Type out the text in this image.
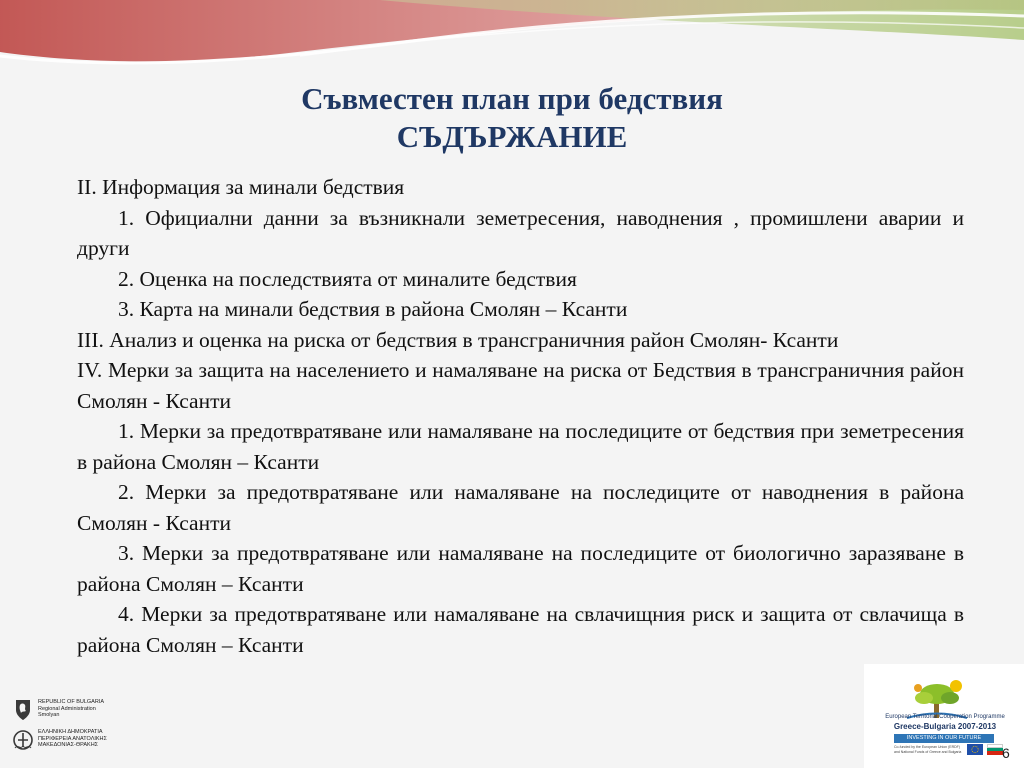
Съвместен план при бедствия
СЪДЪРЖАНИЕ

II. Информация за минали бедствия

1. Официални данни за възникнали земетресения, наводнения , промишлени аварии и други

2. Оценка на последствията от миналите бедствия

3. Карта на минали бедствия в района Смолян – Ксанти

III. Анализ и оценка на риска от бедствия в трансграничния район Смолян- Ксанти

IV. Мерки за защита на населението и намаляване на риска от Бедствия в трансграничния район Смолян - Ксанти

1. Мерки за предотвратяване или намаляване на последиците от бедствия при земетресения в района Смолян – Ксанти

2. Мерки за предотвратяване или намаляване на последиците от наводнения в района Смолян - Ксанти

3. Мерки за предотвратяване или намаляване на последиците от биологично заразяване в района Смолян – Ксанти

4. Мерки за предотвратяване или намаляване на свлачищния риск и защита от свлачища в района Смолян – Ксанти

REPUBLIC OF BULGARIA
Regional Administration
Smolyan
ΕΛΛΗΝΙΚΗ ΔΗΜΟΚΡΑΤΙΑ
ΠΕΡΙΦΕΡΕΙΑ ΑΝΑΤΟΛΙΚΗΣ
ΜΑΚΕΔΟΝΙΑΣ-ΘΡΑΚΗΣ
European Territorial Cooperation Programme
Greece-Bulgaria 2007-2013
INVESTING IN OUR FUTURE
Co-funded by the European Union (ERDF)
and National Funds of Greece and Bulgaria	6
